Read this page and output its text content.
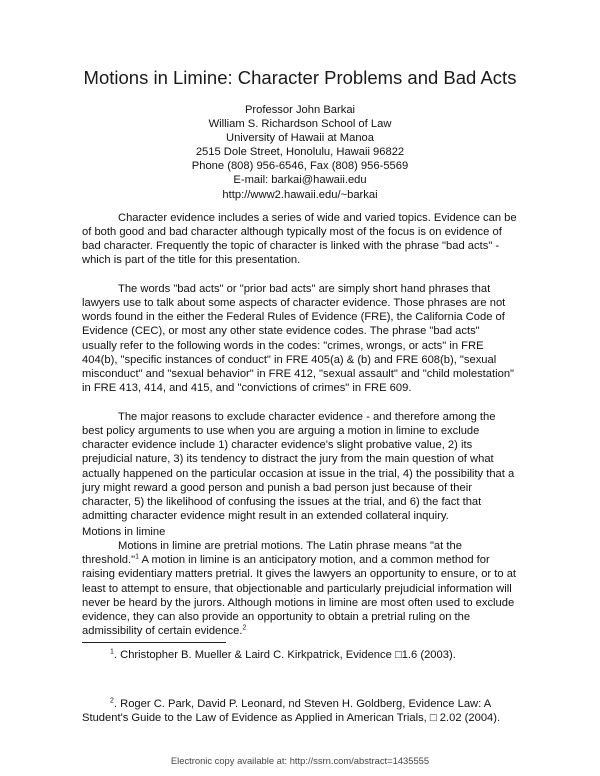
Motions in Limine: Character Problems and Bad Acts
Professor John Barkai
William S. Richardson School of Law
University of Hawaii at Manoa
2515 Dole Street, Honolulu, Hawaii 96822
Phone (808) 956-6546, Fax (808) 956-5569
E-mail: barkai@hawaii.edu
http://www2.hawaii.edu/~barkai

Character evidence includes a series of wide and varied topics. Evidence can be
of both good and bad character although typically most of the focus is on evidence of
bad character. Frequently the topic of character is linked with the phrase "bad acts" -
which is part of the title for this presentation.

The words "bad acts" or "prior bad acts" are simply short hand phrases that
lawyers use to talk about some aspects of character evidence. Those phrases are not
words found in the either the Federal Rules of Evidence (FRE), the California Code of
Evidence (CEC), or most any other state evidence codes. The phrase "bad acts"
usually refer to the following words in the codes: "crimes, wrongs, or acts" in FRE
404(b), "specific instances of conduct" in FRE 405(a) & (b) and FRE 608(b), "sexual
misconduct" and "sexual behavior" in FRE 412, "sexual assault" and "child molestation"
in FRE 413, 414, and 415, and "convictions of crimes" in FRE 609.

The major reasons to exclude character evidence - and therefore among the
best policy arguments to use when you are arguing a motion in limine to exclude
character evidence include 1) character evidence's slight probative value, 2) its
prejudicial nature, 3) its tendency to distract the jury from the main question of what
actually happened on the particular occasion at issue in the trial, 4) the possibility that a
jury might reward a good person and punish a bad person just because of their
character, 5) the likelihood of confusing the issues at the trial, and 6) the fact that
admitting character evidence might result in an extended collateral inquiry.

Motions in limine
Motions in limine are pretrial motions. The Latin phrase means "at the
threshold."$^1$ A motion in limine is an anticipatory motion, and a common method for
raising evidentiary matters pretrial. It gives the lawyers an opportunity to ensure, or to at
least to attempt to ensure, that objectionable and particularly prejudicial information will
never be heard by the jurors. Although motions in limine are most often used to exclude
evidence, they can also provide an opportunity to obtain a pretrial ruling on the
admissibility of certain evidence.$^2$

$^1$. Christopher B. Mueller & Laird C. Kirkpatrick, Evidence □1.6 (2003).
$^2$. Roger C. Park, David P. Leonard, nd Steven H. Goldberg, Evidence Law: A
Student's Guide to the Law of Evidence as Applied in American Trials, □ 2.02 (2004).
Electronic copy available at: http://ssrn.com/abstract=1435555
